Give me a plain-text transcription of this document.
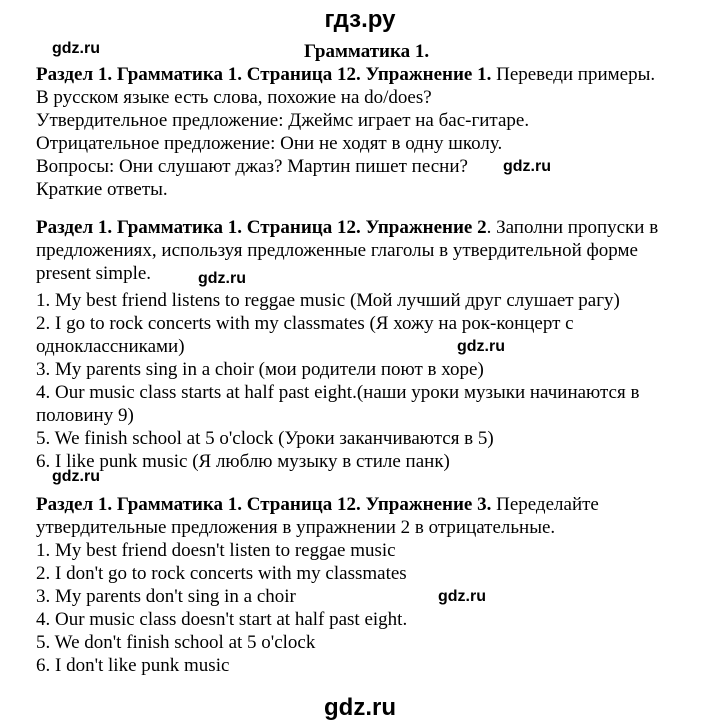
гдз.ру
gdz.ru	Грамматика 1.
Раздел 1. Грамматика 1. Страница 12. Упражнение 1. Переведи примеры.
В русском языке есть слова, похожие на do/does?
Утвердительное предложение: Джеймс играет на бас-гитаре.
Отрицательное предложение: Они не ходят в одну школу.
Вопросы: Они слушают джаз? Мартин пишет песни? gdz.ru
Краткие ответы.
Раздел 1. Грамматика 1. Страница 12. Упражнение 2. Заполни пропуски в
предложениях, используя предложенные глаголы в утвердительной форме
present simple.	gdz.ru
1. My best friend listens to reggae music (Мой лучший друг слушает рагу)
2. I go to rock concerts with my classmates (Я хожу на рок-концерт с
одноклассниками)	gdz.ru
3. My parents sing in a choir (мои родители поют в хоре)
4. Our music class starts at half past eight.(наши уроки музыки начинаются в
половину 9)
5. We finish school at 5 o'clock (Уроки заканчиваются в 5)
6. I like punk music (Я люблю музыку в стиле панк)
gdz.ru
Раздел 1. Грамматика 1. Страница 12. Упражнение 3. Переделайте
утвердительные предложения в упражнении 2 в отрицательные.
1. My best friend doesn't listen to reggae music
2. I don't go to rock concerts with my classmates
3. My parents don't sing in a choir	gdz.ru
4. Our music class doesn't start at half past eight.
5. We don't finish school at 5 o'clock
6. I don't like punk music
gdz.ru
